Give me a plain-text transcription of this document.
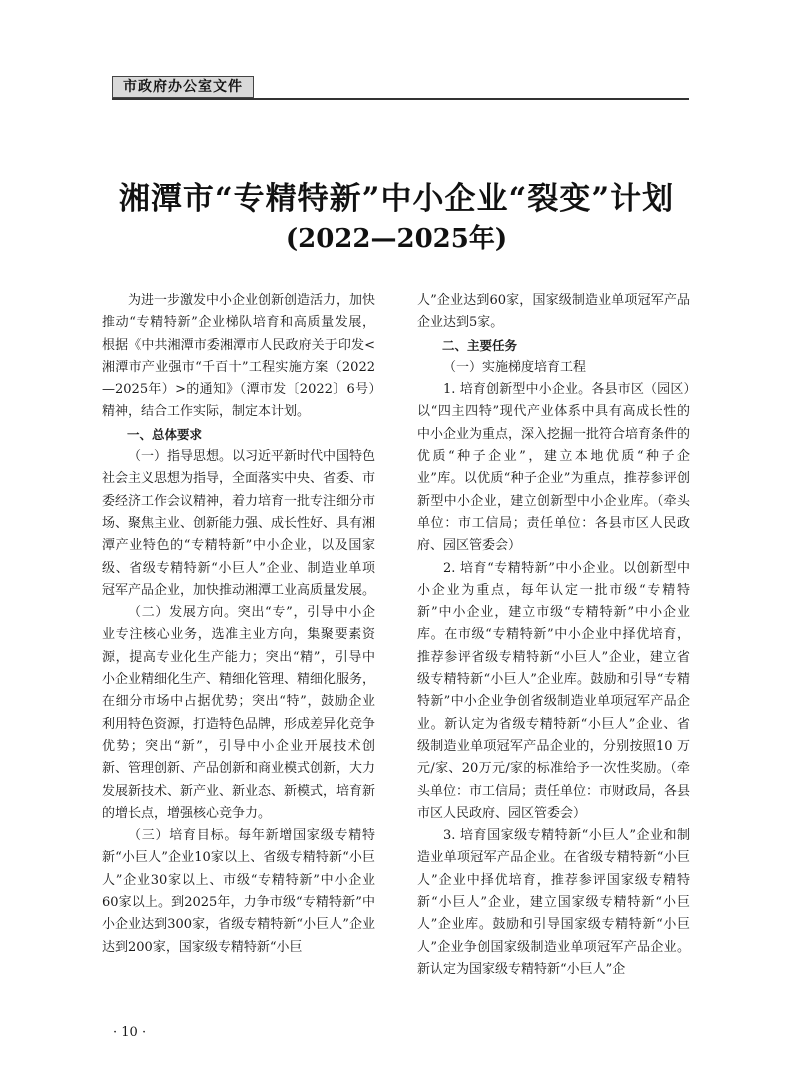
市政府办公室文件
湘潭市“专精特新”中小企业“裂变”计划
(2022—2025年)

为进一步激发中小企业创新创造活力，加快推动“专精特新”企业梯队培育和高质量发展，根据《中共湘潭市委湘潭市人民政府关于印发<湘潭市产业强市“千百十”工程实施方案（2022—2025年）>的通知》（潭市发〔2022〕6号）精神，结合工作实际，制定本计划。

一、总体要求

（一）指导思想。以习近平新时代中国特色社会主义思想为指导，全面落实中央、省委、市委经济工作会议精神，着力培育一批专注细分市场、聚焦主业、创新能力强、成长性好、具有湘潭产业特色的“专精特新”中小企业，以及国家级、省级专精特新“小巨人”企业、制造业单项冠军产品企业，加快推动湘潭工业高质量发展。

（二）发展方向。突出“专”，引导中小企业专注核心业务，选准主业方向，集聚要素资源，提高专业化生产能力；突出“精”，引导中小企业精细化生产、精细化管理、精细化服务，在细分市场中占据优势；突出“特”，鼓励企业利用特色资源，打造特色品牌，形成差异化竞争优势；突出“新”，引导中小企业开展技术创新、管理创新、产品创新和商业模式创新，大力发展新技术、新产业、新业态、新模式，培育新的增长点，增强核心竞争力。

（三）培育目标。每年新增国家级专精特新“小巨人”企业10家以上、省级专精特新“小巨人”企业30家以上、市级“专精特新”中小企业60家以上。到2025年，力争市级“专精特新”中小企业达到300家，省级专精特新“小巨人”企业达到200家，国家级专精特新“小巨

人”企业达到60家，国家级制造业单项冠军产品企业达到5家。

二、主要任务

（一）实施梯度培育工程

1. 培育创新型中小企业。各县市区（园区）以“四主四特”现代产业体系中具有高成长性的中小企业为重点，深入挖掘一批符合培育条件的优质“种子企业”，建立本地优质“种子企业”库。以优质“种子企业”为重点，推荐参评创新型中小企业，建立创新型中小企业库。（牵头单位：市工信局；责任单位：各县市区人民政府、园区管委会）

2. 培育“专精特新”中小企业。以创新型中小企业为重点，每年认定一批市级“专精特新”中小企业，建立市级“专精特新”中小企业库。在市级“专精特新”中小企业中择优培育，推荐参评省级专精特新“小巨人”企业，建立省级专精特新“小巨人”企业库。鼓励和引导“专精特新”中小企业争创省级制造业单项冠军产品企业。新认定为省级专精特新“小巨人”企业、省级制造业单项冠军产品企业的，分别按照10 万元/家、20万元/家的标准给予一次性奖励。（牵头单位：市工信局；责任单位：市财政局，各县市区人民政府、园区管委会）

3. 培育国家级专精特新“小巨人”企业和制造业单项冠军产品企业。在省级专精特新“小巨人”企业中择优培育，推荐参评国家级专精特新“小巨人”企业，建立国家级专精特新“小巨人”企业库。鼓励和引导国家级专精特新“小巨人”企业争创国家级制造业单项冠军产品企业。新认定为国家级专精特新“小巨人”企

· 10 ·
